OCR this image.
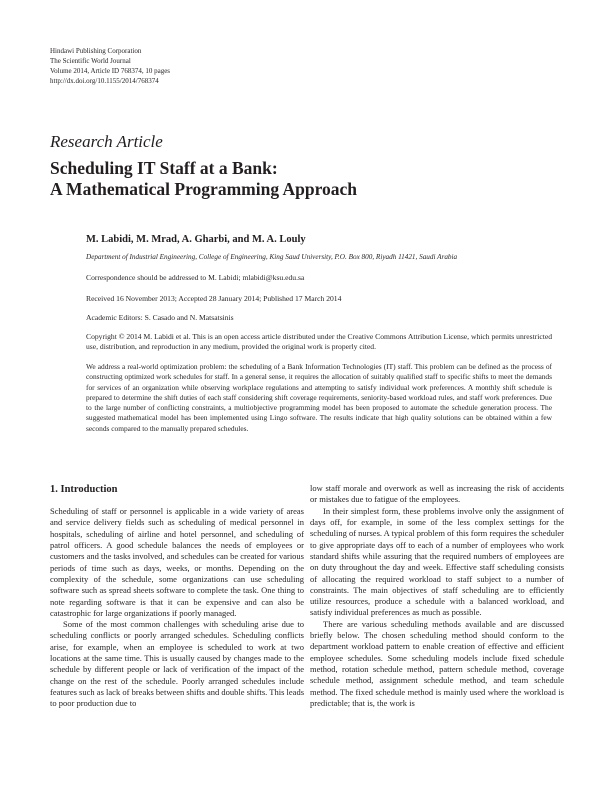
Hindawi Publishing Corporation
The Scientific World Journal
Volume 2014, Article ID 768374, 10 pages
http://dx.doi.org/10.1155/2014/768374
Research Article
Scheduling IT Staff at a Bank:
A Mathematical Programming Approach
M. Labidi, M. Mrad, A. Gharbi, and M. A. Louly
Department of Industrial Engineering, College of Engineering, King Saud University, P.O. Box 800, Riyadh 11421, Saudi Arabia
Correspondence should be addressed to M. Labidi; mlabidi@ksu.edu.sa
Received 16 November 2013; Accepted 28 January 2014; Published 17 March 2014
Academic Editors: S. Casado and N. Matsatsinis
Copyright © 2014 M. Labidi et al. This is an open access article distributed under the Creative Commons Attribution License, which permits unrestricted use, distribution, and reproduction in any medium, provided the original work is properly cited.
We address a real-world optimization problem: the scheduling of a Bank Information Technologies (IT) staff. This problem can be defined as the process of constructing optimized work schedules for staff. In a general sense, it requires the allocation of suitably qualified staff to specific shifts to meet the demands for services of an organization while observing workplace regulations and attempting to satisfy individual work preferences. A monthly shift schedule is prepared to determine the shift duties of each staff considering shift coverage requirements, seniority-based workload rules, and staff work preferences. Due to the large number of conflicting constraints, a multiobjective programming model has been proposed to automate the schedule generation process. The suggested mathematical model has been implemented using Lingo software. The results indicate that high quality solutions can be obtained within a few seconds compared to the manually prepared schedules.
1. Introduction

Scheduling of staff or personnel is applicable in a wide variety of areas and service delivery fields such as scheduling of medical personnel in hospitals, scheduling of airline and hotel personnel, and scheduling of patrol officers. A good schedule balances the needs of employees or customers and the tasks involved, and schedules can be created for various periods of time such as days, weeks, or months. Depending on the complexity of the schedule, some organizations can use scheduling software such as spread sheets software to complete the task. One thing to note regarding software is that it can be expensive and can also be catastrophic for large organizations if poorly managed.

Some of the most common challenges with scheduling arise due to scheduling conflicts or poorly arranged schedules. Scheduling conflicts arise, for example, when an employee is scheduled to work at two locations at the same time. This is usually caused by changes made to the schedule by different people or lack of verification of the impact of the change on the rest of the schedule. Poorly arranged schedules include features such as lack of breaks between shifts and double shifts. This leads to poor production due to

low staff morale and overwork as well as increasing the risk of accidents or mistakes due to fatigue of the employees.

In their simplest form, these problems involve only the assignment of days off, for example, in some of the less complex settings for the scheduling of nurses. A typical problem of this form requires the scheduler to give appropriate days off to each of a number of employees who work standard shifts while assuring that the required numbers of employees are on duty throughout the day and week. Effective staff scheduling consists of allocating the required workload to staff subject to a number of constraints. The main objectives of staff scheduling are to efficiently utilize resources, produce a schedule with a balanced workload, and satisfy individual preferences as much as possible.

There are various scheduling methods available and are discussed briefly below. The chosen scheduling method should conform to the department workload pattern to enable creation of effective and efficient employee schedules. Some scheduling models include fixed schedule method, rotation schedule method, pattern schedule method, coverage schedule method, assignment schedule method, and team schedule method. The fixed schedule method is mainly used where the workload is predictable; that is, the work is
